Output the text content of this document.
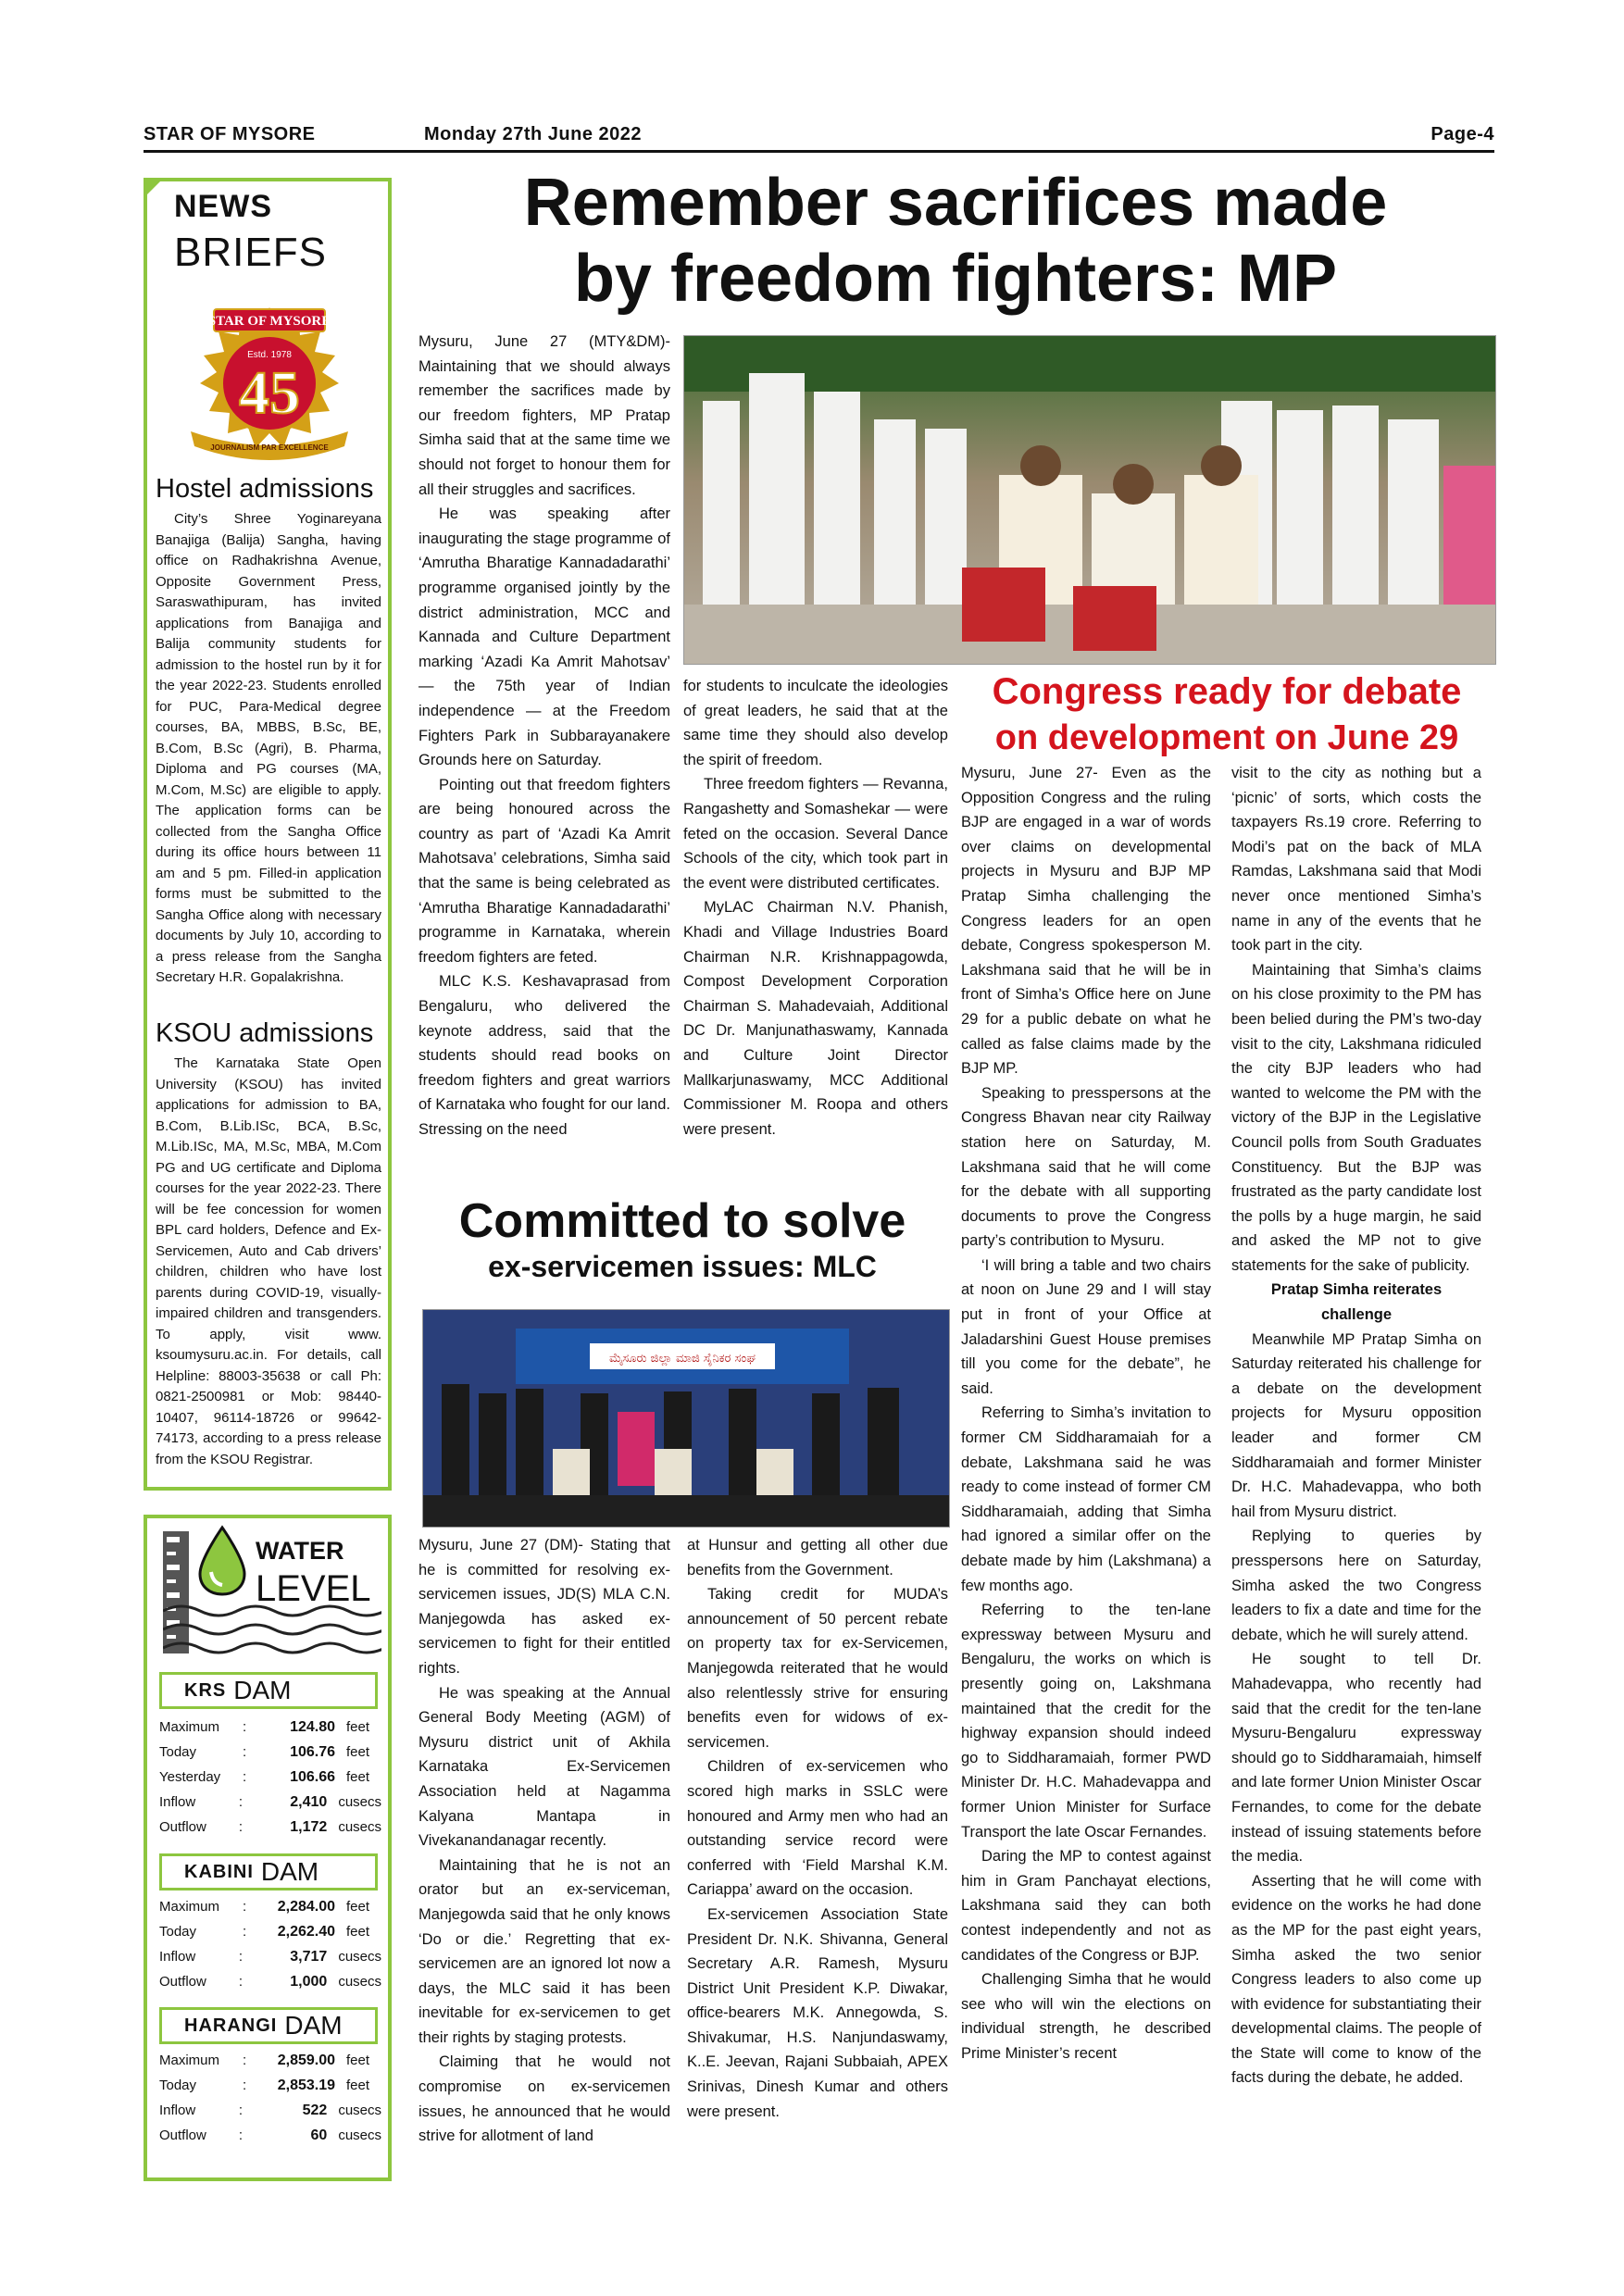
STAR OF MYSORE	Monday 27th June 2022	Page-4
NEWS
BRIEFS
STAR OF MYSORE
Estd. 1978
45
JOURNALISM PAR EXCELLENCE
Hostel admissions

City’s Shree Yoginareyana Banajiga (Balija) Sangha, having office on Radhakrishna Avenue, Opposite Government Press, Saraswathipuram, has invited applications from Banajiga and Balija community students for admission to the hostel run by it for the year 2022-23. Students enrolled for PUC, Para-Medical degree courses, BA, MBBS, B.Sc, BE, B.Com, B.Sc (Agri), B. Pharma, Diploma and PG courses (MA, M.Com, M.Sc) are eligible to apply. The application forms can be collected from the Sangha Office during its office hours between 11 am and 5 pm. Filled-in application forms must be submitted to the Sangha Office along with necessary documents by July 10, according to a press release from the Sangha Secretary H.R. Gopalakrishna.

KSOU admissions

The Karnataka State Open University (KSOU) has invited applications for admission to BA, B.Com, B.Lib.ISc, BCA, B.Sc, M.Lib.ISc, MA, M.Sc, MBA, M.Com PG and UG certificate and Diploma courses for the year 2022-23. There will be fee concession for women BPL card holders, Defence and Ex-Servicemen, Auto and Cab drivers’ children, children who have lost parents during COVID-19, visually-impaired children and transgenders. To apply, visit www. ksoumysuru.ac.in. For details, call Helpline: 88003-35638 or call Ph: 0821-2500981 or Mob: 98440-10407, 96114-18726 or 99642-74173, according to a press release from the KSOU Registrar.

WATER
LEVEL
KRS DAM
Maximum	:	124.80 feet
Today	:	106.76 feet
Yesterday	:	106.66 feet
Inflow	:	2,410 cusecs
Outflow	:	1,172 cusecs
KABINI DAM
Maximum	:	2,284.00 feet
Today	:	2,262.40 feet
Inflow	:	3,717 cusecs
Outflow	:	1,000 cusecs
HARANGI DAM
Maximum	:	2,859.00 feet
Today	:	2,853.19 feet
Inflow	:	522 cusecs
Outflow	:	60 cusecs
Remember sacrifices made
by freedom fighters: MP

Mysuru, June 27 (MTY&DM)- Maintaining that we should always remember the sacrifices made by our freedom fighters, MP Pratap Simha said that at the same time we should not forget to honour them for all their struggles and sacrifices.

He was speaking after inaugurating the stage programme of ‘Amrutha Bharatige Kannadadarathi’ programme organised jointly by the district administration, MCC and Kannada and Culture Department marking ‘Azadi Ka Amrit Mahotsav’ — the 75th year of Indian independence — at the Freedom Fighters Park in Subbarayanakere Grounds here on Saturday.

Pointing out that freedom fighters are being honoured across the country as part of ‘Azadi Ka Amrit Mahotsava’ celebrations, Simha said that the same is being celebrated as ‘Amrutha Bharatige Kannadadarathi’ programme in Karnataka, wherein freedom fighters are feted.

MLC K.S. Keshavaprasad from Bengaluru, who delivered the keynote address, said that the students should read books on freedom fighters and great warriors of Karnataka who fought for our land. Stressing on the need

for students to inculcate the ideologies of great leaders, he said that at the same time they should also develop the spirit of freedom.

Three freedom fighters — Revanna, Rangashetty and Somashekar — were feted on the occasion. Several Dance Schools of the city, which took part in the event were distributed certificates.

MyLAC Chairman N.V. Phanish, Khadi and Village Industries Board Chairman N.R. Krishnappagowda, Compost Development Corporation Chairman S. Mahadevaiah, Additional DC Dr. Manjunathaswamy, Kannada and Culture Joint Director Mallkarjunaswamy, MCC Additional Commissioner M. Roopa and others were present.

Congress ready for debate
on development on June 29

Mysuru, June 27- Even as the Opposition Congress and the ruling BJP are engaged in a war of words over claims on developmental projects in Mysuru and BJP MP Pratap Simha challenging the Congress leaders for an open debate, Congress spokesperson M. Lakshmana said that he will be in front of Simha’s Office here on June 29 for a public debate on what he called as false claims made by the BJP MP.

Speaking to presspersons at the Congress Bhavan near city Railway station here on Saturday, M. Lakshmana said that he will come for the debate with all supporting documents to prove the Congress party’s contribution to Mysuru.

‘I will bring a table and two chairs at noon on June 29 and I will stay put in front of your Office at Jaladarshini Guest House premises till you come for the debate”, he said.

Referring to Simha’s invitation to former CM Siddharamaiah for a debate, Lakshmana said he was ready to come instead of former CM Siddharamaiah, adding that Simha had ignored a similar offer on the debate made by him (Lakshmana) a few months ago.

Referring to the ten-lane expressway between Mysuru and Bengaluru, the works on which is presently going on, Lakshmana maintained that the credit for the highway expansion should indeed go to Siddharamaiah, former PWD Minister Dr. H.C. Mahadevappa and former Union Minister for Surface Transport the late Oscar Fernandes.

Daring the MP to contest against him in Gram Panchayat elections, Lakshmana said they can both contest independently and not as candidates of the Congress or BJP.

Challenging Simha that he would see who will win the elections on individual strength, he described Prime Minister’s recent

visit to the city as nothing but a ‘picnic’ of sorts, which costs the taxpayers Rs.19 crore. Referring to Modi’s pat on the back of MLA Ramdas, Lakshmana said that Modi never once mentioned Simha’s name in any of the events that he took part in the city.

Maintaining that Simha’s claims on his close proximity to the PM has been belied during the PM’s two-day visit to the city, Lakshmana ridiculed the city BJP leaders who had wanted to welcome the PM with the victory of the BJP in the Legislative Council polls from South Graduates Constituency. But the BJP was frustrated as the party candidate lost the polls by a huge margin, he said and asked the MP not to give statements for the sake of publicity.

Pratap Simha reiterates
challenge

Meanwhile MP Pratap Simha on Saturday reiterated his challenge for a debate on the development projects for Mysuru opposition leader and former CM Siddharamaiah and former Minister Dr. H.C. Mahadevappa, who both hail from Mysuru district.

Replying to queries by presspersons here on Saturday, Simha asked the two Congress leaders to fix a date and time for the debate, which he will surely attend.

He sought to tell Dr. Mahadevappa, who recently had said that the credit for the ten-lane Mysuru-Bengaluru expressway should go to Siddharamaiah, himself and late former Union Minister Oscar Fernandes, to come for the debate instead of issuing statements before the media.

Asserting that he will come with evidence on the works he had done as the MP for the past eight years, Simha asked the two senior Congress leaders to also come up with evidence for substantiating their developmental claims. The people of the State will come to know of the facts during the debate, he added.

Committed to solve
ex-servicemen issues: MLC
ಮೈಸೂರು ಜಿಲ್ಲಾ ಮಾಜಿ ಸೈನಿಕರ ಸಂಘ

Mysuru, June 27 (DM)- Stating that he is committed for resolving ex-servicemen issues, JD(S) MLA C.N. Manjegowda has asked ex-servicemen to fight for their entitled rights.

He was speaking at the Annual General Body Meeting (AGM) of Mysuru district unit of Akhila Karnataka Ex-Servicemen Association held at Nagamma Kalyana Mantapa in Vivekanandanagar recently.

Maintaining that he is not an orator but an ex-serviceman, Manjegowda said that he only knows ‘Do or die.’ Regretting that ex-servicemen are an ignored lot now a days, the MLC said it has been inevitable for ex-servicemen to get their rights by staging protests.

Claiming that he would not compromise on ex-servicemen issues, he announced that he would strive for allotment of land

at Hunsur and getting all other due benefits from the Government.

Taking credit for MUDA’s announcement of 50 percent rebate on property tax for ex-Servicemen, Manjegowda reiterated that he would also relentlessly strive for ensuring benefits even for widows of ex-servicemen.

Children of ex-servicemen who scored high marks in SSLC were honoured and Army men who had an outstanding service record were conferred with ‘Field Marshal K.M. Cariappa’ award on the occasion.

Ex-servicemen Association State President Dr. N.K. Shivanna, General Secretary A.R. Ramesh, Mysuru District Unit President K.P. Diwakar, office-bearers M.K. Annegowda, S. Shivakumar, H.S. Nanjundaswamy, K..E. Jeevan, Rajani Subbaiah, APEX Srinivas, Dinesh Kumar and others were present.
